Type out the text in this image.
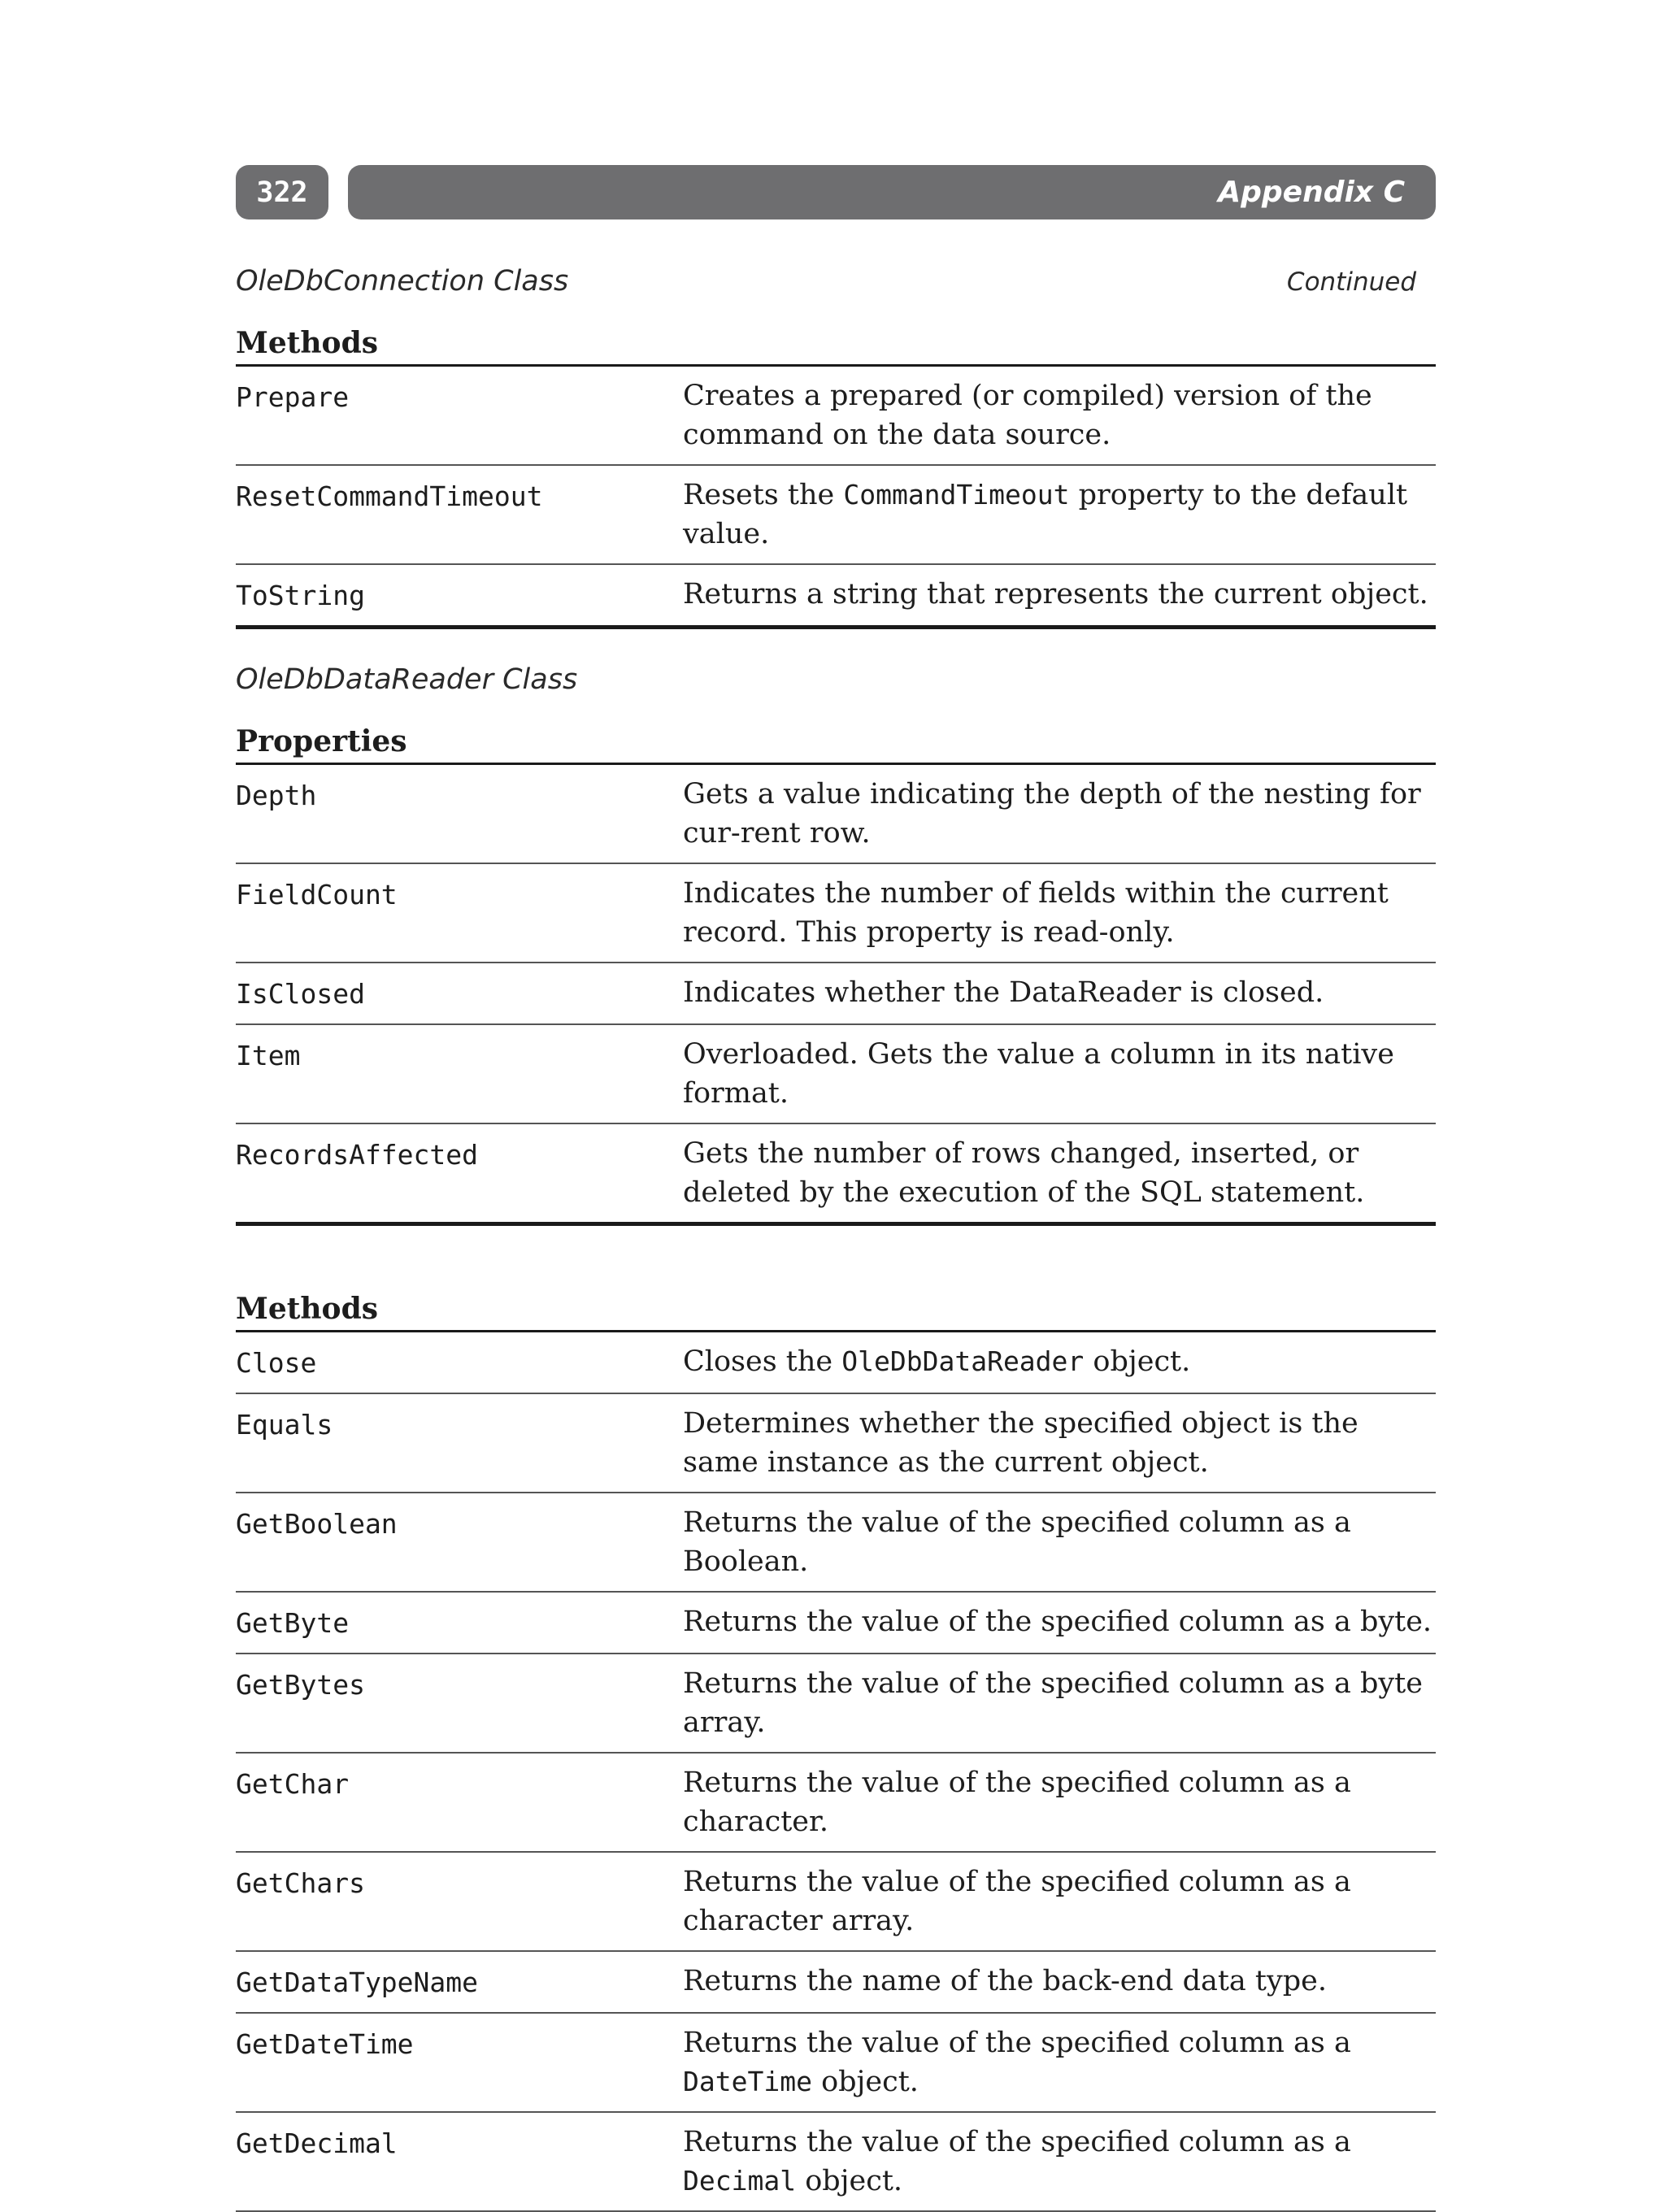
322	Appendix C
OleDbConnection Class	Continued
Methods
Prepare	Creates a prepared (or compiled) version of the command on the data source.
ResetCommandTimeout	Resets the CommandTimeout property to the default value.
ToString	Returns a string that represents the current object.
OleDbDataReader Class
Properties
Depth	Gets a value indicating the depth of the nesting for cur-rent row.
FieldCount	Indicates the number of fields within the current record. This property is read-only.
IsClosed	Indicates whether the DataReader is closed.
Item	Overloaded. Gets the value a column in its native format.
RecordsAffected	Gets the number of rows changed, inserted, or deleted by the execution of the SQL statement.
Methods
Close	Closes the OleDbDataReader object.
Equals	Determines whether the specified object is the same instance as the current object.
GetBoolean	Returns the value of the specified column as a Boolean.
GetByte	Returns the value of the specified column as a byte.
GetBytes	Returns the value of the specified column as a byte array.
GetChar	Returns the value of the specified column as a character.
GetChars	Returns the value of the specified column as a character array.
GetDataTypeName	Returns the name of the back-end data type.
GetDateTime	Returns the value of the specified column as a DateTime object.
GetDecimal	Returns the value of the specified column as a Decimal object.
